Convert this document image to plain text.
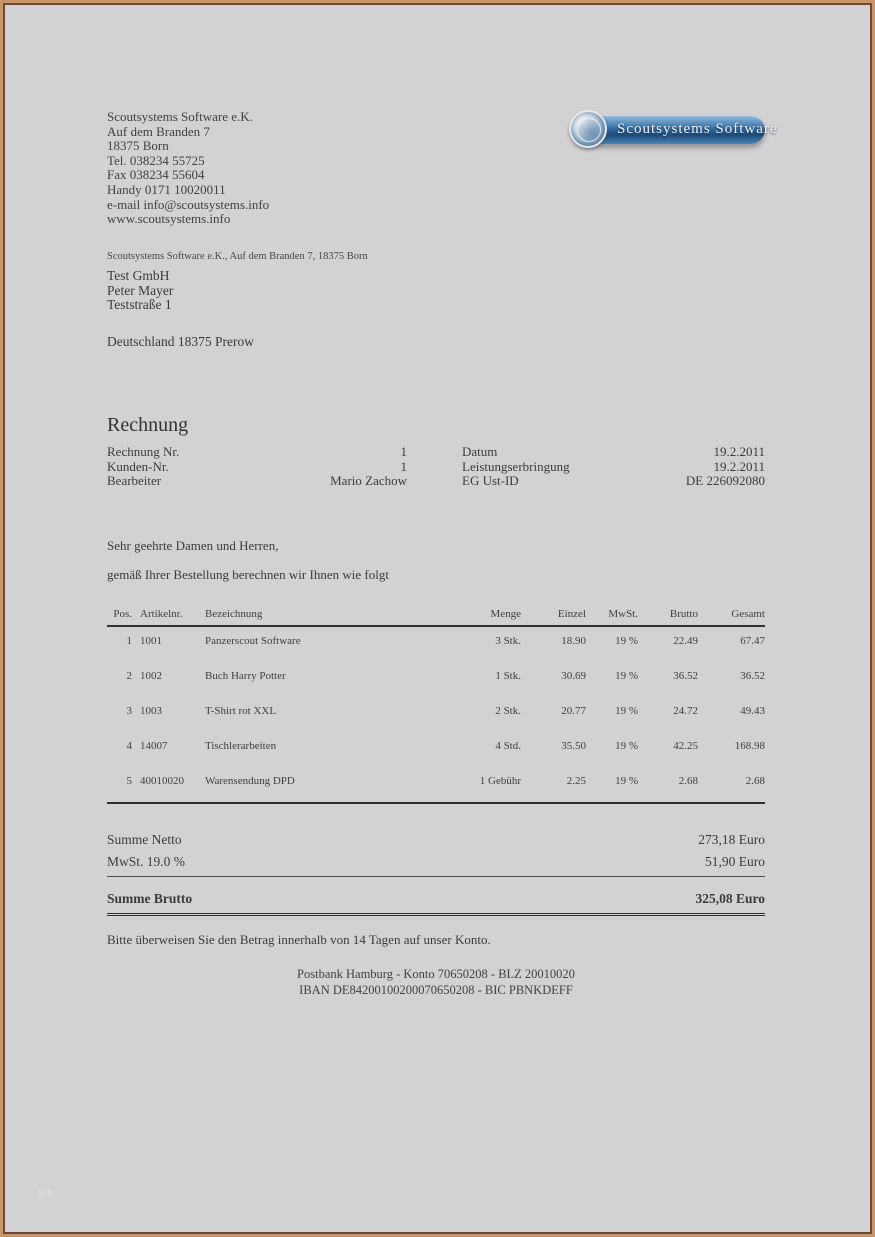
Scoutsystems Software e.K.
Auf dem Branden 7
18375 Born
Tel. 038234 55725
Fax 038234 55604
Handy 0171 10020011
e-mail info@scoutsystems.info
www.scoutsystems.info
Scoutsystems Software
Scoutsystems Software e.K., Auf dem Branden 7, 18375 Born
Test GmbH
Peter Mayer
Teststraße 1
Deutschland 18375 Prerow
Rechnung
Rechnung Nr.	1
Kunden-Nr.	1
Bearbeiter	Mario Zachow
Datum	19.2.2011
Leistungserbringung	19.2.2011
EG Ust-ID	DE 226092080
Sehr geehrte Damen und Herren,
gemäß Ihrer Bestellung berechnen wir Ihnen wie folgt
Pos. Artikelnr.	Bezeichnung	Menge	Einzel	MwSt.	Brutto	Gesamt
1 1001	Panzerscout Software	3 Stk.	18.90	19 %	22.49	67.47
2 1002	Buch Harry Potter	1 Stk.	30.69	19 %	36.52	36.52
3 1003	T-Shirt rot XXL	2 Stk.	20.77	19 %	24.72	49.43
4 14007	Tischlerarbeiten	4 Std.	35.50	19 %	42.25	168.98
5 40010020	Warensendung DPD	1 Gebühr	2.25	19 %	2.68	2.68
Summe Netto	273,18 Euro
MwSt. 19.0 %	51,90 Euro
Summe Brutto	325,08 Euro
Bitte überweisen Sie den Betrag innerhalb von 14 Tagen auf unser Konto.
Postbank Hamburg - Konto 70650208 - BLZ 20010020
IBAN DE84200100200070650208 - BIC PBNKDEFF
1/1
